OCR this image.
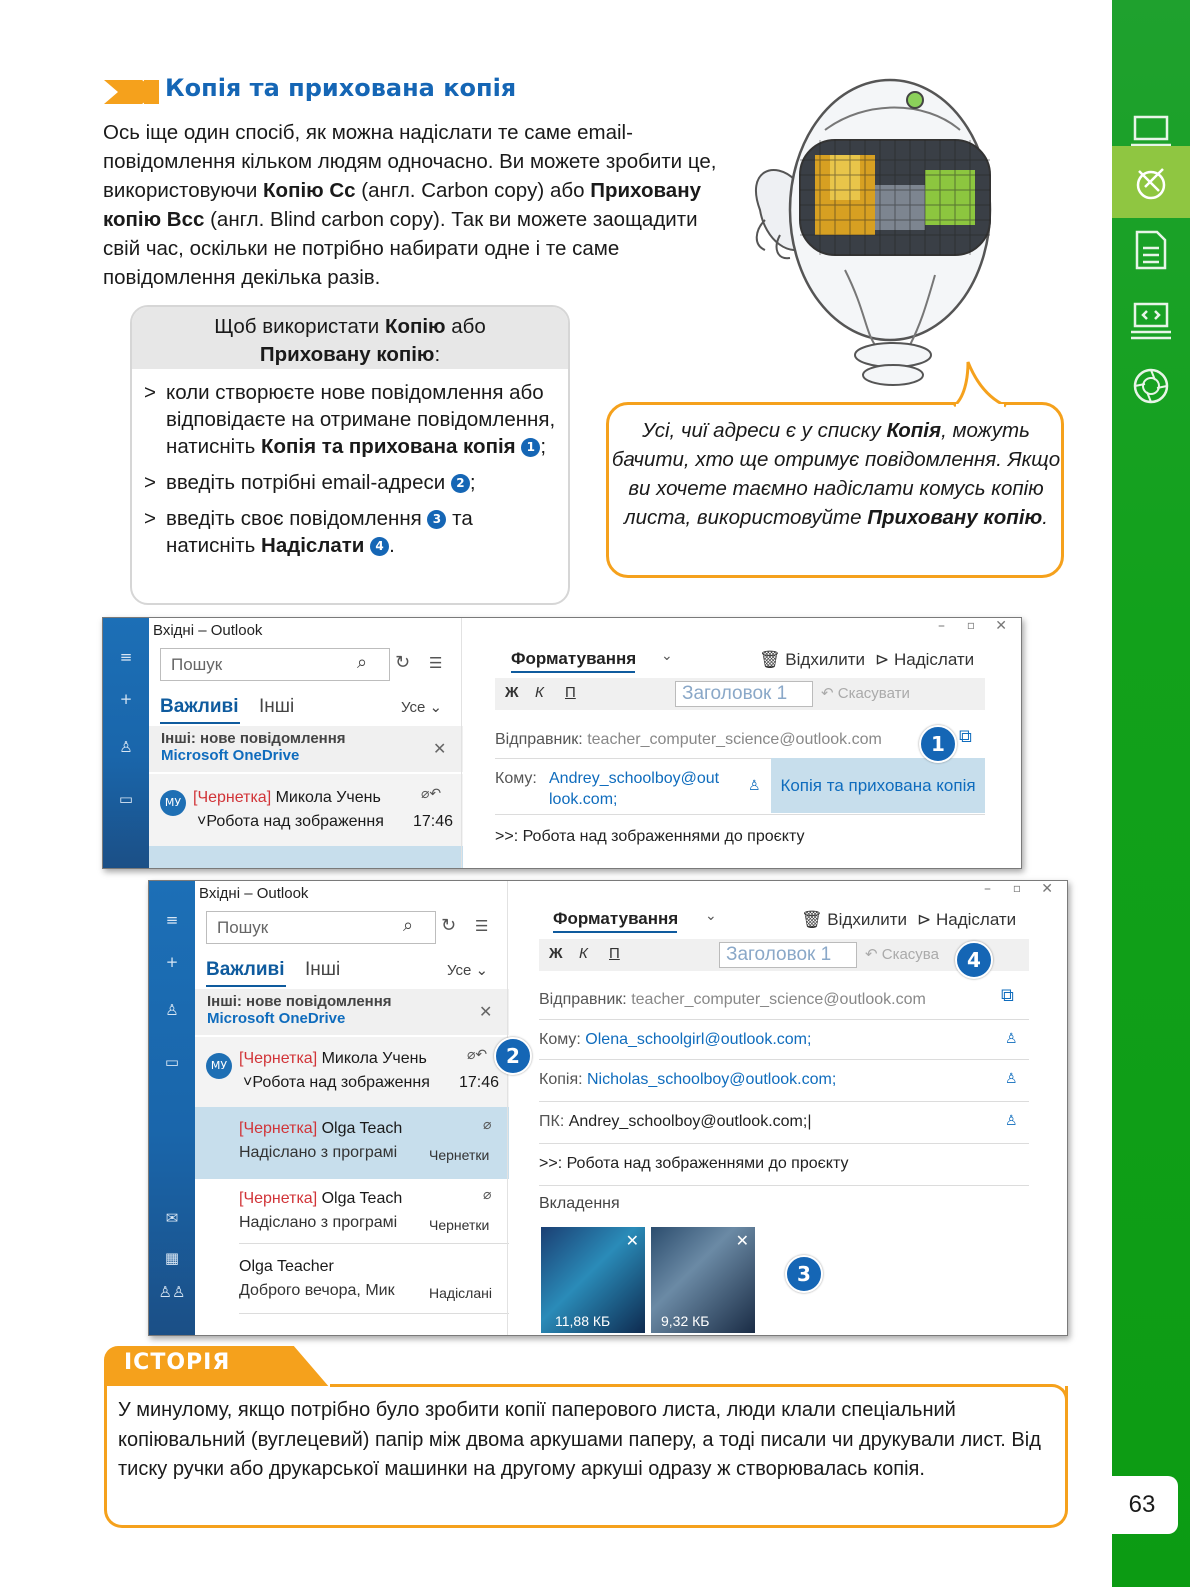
63
Копія та прихована копія
Ось іще один спосіб, як можна надіслати те саме email-повідомлення кільком людям одночасно. Ви можете зробити це, використовуючи Копію Cc (англ. Carbon copy) або Приховану копію Bcc (англ. Blind carbon copy). Так ви можете заощадити свій час, оскільки не потрібно набирати одне і те саме повідомлення декілька разів.
Щоб використати Копію або
Приховану копію:
> коли створюєте нове повідомлення або відповідаєте на отримане повідомлення, натисніть Копія та прихована копія 1 ;
> введіть потрібні email-адреси 2 ;
> введіть своє повідомлення 3 та натисніть Надіслати 4 .
Усі, чиї адреси є у списку Копія, можуть бачити, хто ще отримує повідомлення. Якщо ви хочете таємно надіслати комусь копію листа, використовуйте Приховану копію.
≡
+
♙
▭
Вхідні – Outlook
Пошук	⌕ ↻ ☰
Важливі Інші	Усе ⌄
Інші: нове повідомлення
Microsoft OneDrive	✕
МУ [Чернетка] Микола Учень	⌀↶
˅Робота над зображення 17:46
– ▫ ✕
Форматування ⌄	🗑 Відхилити ⊳ Надіслати
Ж К П	Заголовок 1	↶ Скасувати
Відправник: teacher_computer_science@outlook.com	⧉
Кому: Andrey_schoolboy@out
look.com;
♙	Копія та прихована копія
>>: Робота над зображеннями до проєкту
1
≡
+
♙
▭
✉
▦
♙♙
Вхідні – Outlook
Пошук	⌕ ↻ ☰
Важливі Інші	Усе ⌄
Інші: нове повідомлення
Microsoft OneDrive	✕
МУ [Чернетка] Микола Учень	⌀↶
˅Робота над зображення 17:46
[Чернетка] Olga Teach	⌀
Надіслано з програмі Чернетки
[Чернетка] Olga Teach	⌀
Надіслано з програмі Чернетки
Olga Teacher
Доброго вечора, Мик Надіслані
– ▫ ✕
Форматування ⌄	🗑 Відхилити ⊳ Надіслати
Ж К П	Заголовок 1	↶ Скасува	4
Відправник: teacher_computer_science@outlook.com	⧉
Кому: Olena_schoolgirl@outlook.com;	♙
Копія: Nicholas_schoolboy@outlook.com;	♙
ПК: Andrey_schoolboy@outlook.com;|	♙
>>: Робота над зображеннями до проєкту
Вкладення
✕
11,88 КБ
✕
9,32 КБ
3
2
ІСТОРІЯ
У минулому, якщо потрібно було зробити копії паперового листа, люди клали спеціальний копіювальний (вуглецевий) папір між двома аркушами паперу, а тоді писали чи друкували лист. Від тиску ручки або друкарської машинки на другому аркуші одразу ж створювалась копія.
